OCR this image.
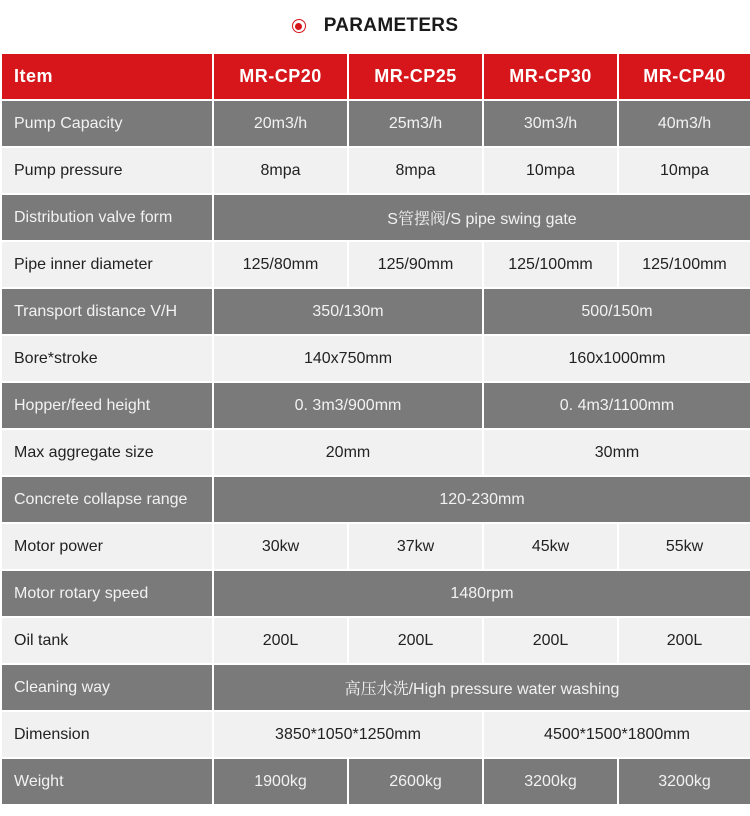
PARAMETERS
Item	MR-CP20	MR-CP25	MR-CP30	MR-CP40
Pump Capacity	20m3/h	25m3/h	30m3/h	40m3/h
Pump pressure	8mpa	8mpa	10mpa	10mpa
Distribution valve form	S管摆阀/S pipe swing gate			
Pipe inner diameter	125/80mm	125/90mm	125/100mm	125/100mm
Transport distance V/H	350/130m		500/150m	
Bore*stroke	140x750mm		160x1000mm	
Hopper/feed height	0. 3m3/900mm		0. 4m3/1100mm	
Max aggregate size	20mm		30mm	
Concrete collapse range	120-230mm			
Motor power	30kw	37kw	45kw	55kw
Motor rotary speed	1480rpm			
Oil tank	200L	200L	200L	200L
Cleaning way	高压水洗/High pressure water washing			
Dimension	3850*1050*1250mm		4500*1500*1800mm	
Weight	1900kg	2600kg	3200kg	3200kg
